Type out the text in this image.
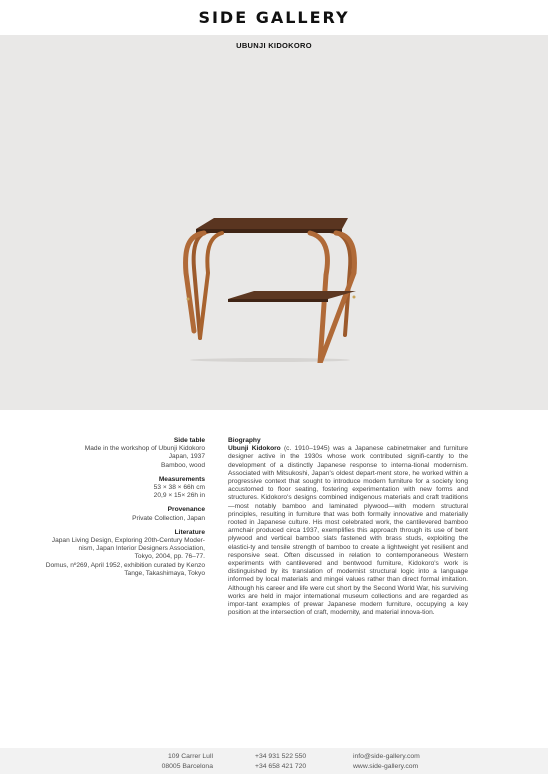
SIDE GALLERY
UBUNJI KIDOKORO
Side table
Made in the workshop of Ubunji Kidokoro
Japan, 1937
Bamboo, wood
Measurements
53 × 38 × 66h cm
20,9 × 15× 26h in
Provenance
Private Collection, Japan
Literature
Japan Living Design, Exploring 20th-Century Moder-
nism, Japan Interior Designers Association,
Tokyo, 2004, pp. 76–77.
Domus, nº269, April 1952, exhibition curated by Kenzo
Tange, Takashimaya, Tokyo
Biography

Ubunji Kidokoro (c. 1910–1945) was a Japanese cabinetmaker and furniture designer active in the 1930s whose work contributed signifi-cantly to the development of a distinctly Japanese response to interna-tional modernism. Associated with Mitsukoshi, Japan's oldest depart-ment store, he worked within a progressive context that sought to introduce modern furniture for a society long accustomed to floor seating, fostering experimentation with new forms and structures. Kidokoro's designs combined indigenous materials and craft traditions—most notably bamboo and laminated plywood—with modern structural principles, resulting in furniture that was both formally innovative and materially rooted in Japanese culture. His most celebrated work, the cantilevered bamboo armchair produced circa 1937, exemplifies this approach through its use of bent plywood and vertical bamboo slats fastened with brass studs, exploiting the elastici-ty and tensile strength of bamboo to create a lightweight yet resilient and responsive seat. Often discussed in relation to contemporaneous Western experiments with cantilevered and bentwood furniture, Kidokoro's work is distinguished by its translation of modernist structural logic into a language informed by local materials and mingei values rather than direct formal imitation. Although his career and life were cut short by the Second World War, his surviving works are held in major international museum collections and are regarded as impor-tant examples of prewar Japanese modern furniture, occupying a key position at the intersection of craft, modernity, and material innova-tion.

109 Carrer Lull
08005 Barcelona
+34 931 522 550
+34 658 421 720
info@side-gallery.com
www.side-gallery.com
